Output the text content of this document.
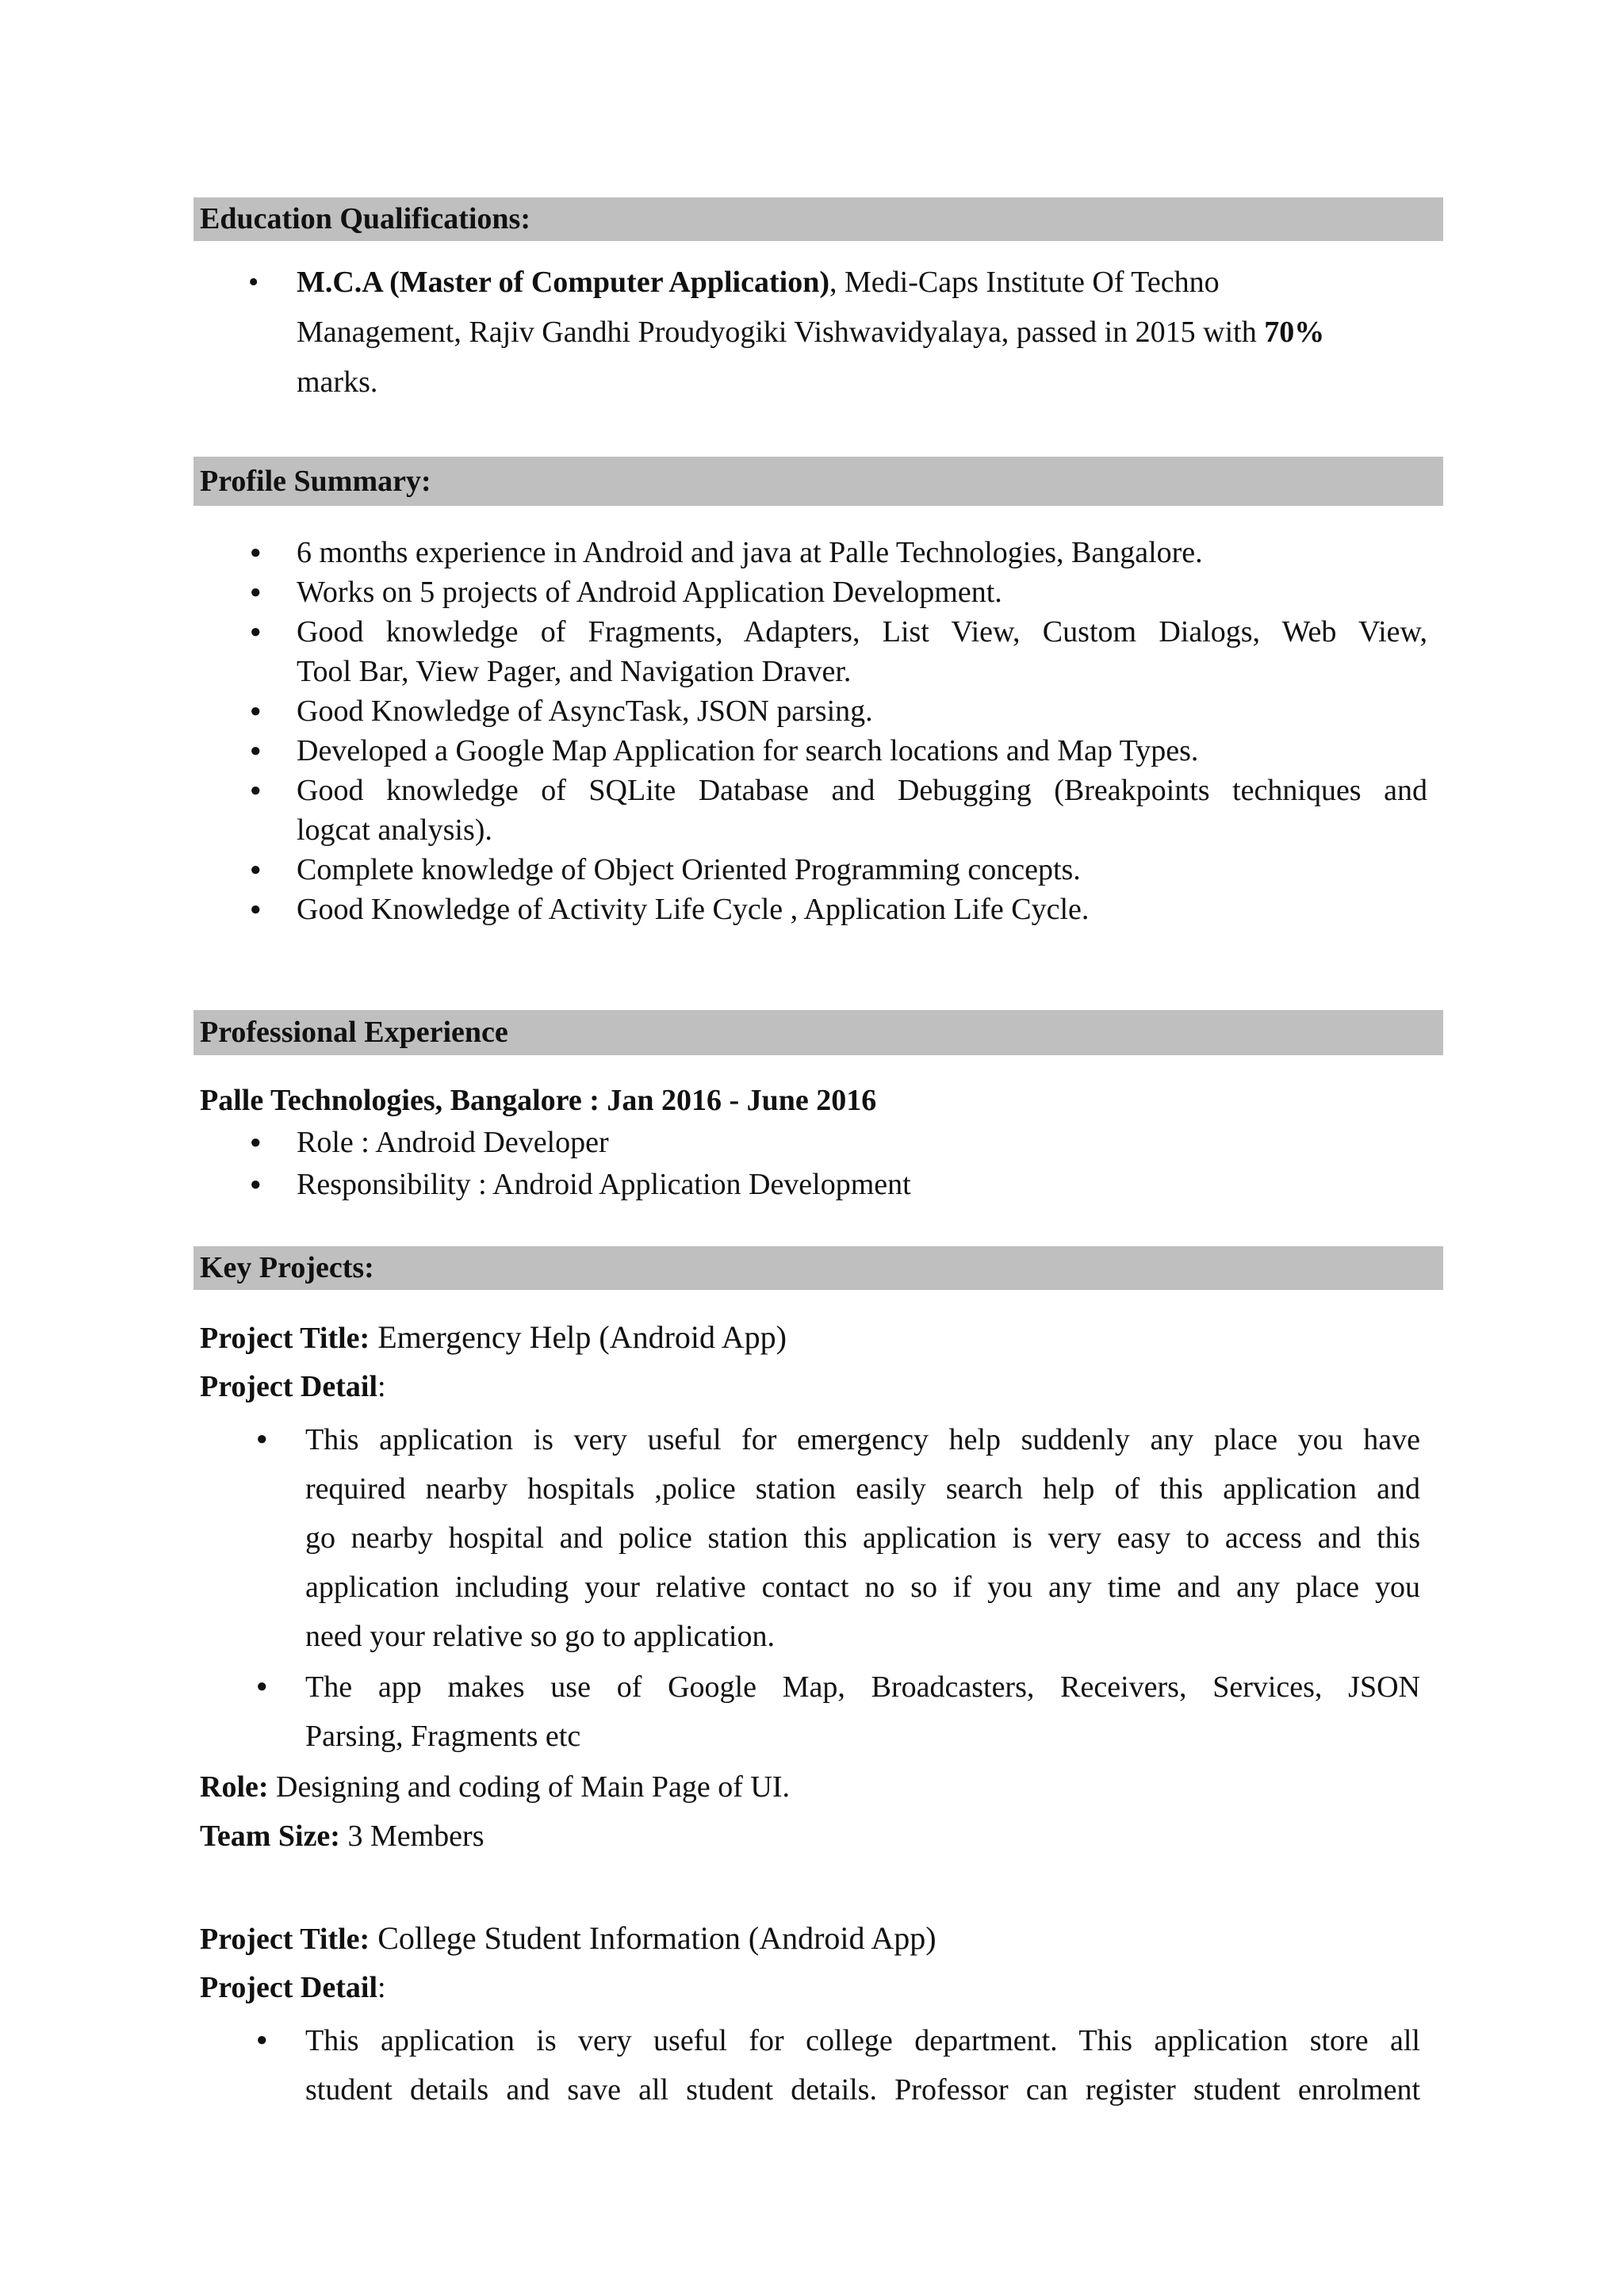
Education Qualifications:
• M.C.A (Master of Computer Application), Medi-Caps Institute Of Techno
Management, Rajiv Gandhi Proudyogiki Vishwavidyalaya, passed in 2015 with 70%
marks.
Profile Summary:
● 6 months experience in Android and java at Palle Technologies, Bangalore.
● Works on 5 projects of Android Application Development.
● Good knowledge of Fragments, Adapters, List View, Custom Dialogs, Web View,
Tool Bar, View Pager, and Navigation Draver.
● Good Knowledge of AsyncTask, JSON parsing.
● Developed a Google Map Application for search locations and Map Types.
● Good knowledge of SQLite Database and Debugging (Breakpoints techniques and
logcat analysis).
● Complete knowledge of Object Oriented Programming concepts.
● Good Knowledge of Activity Life Cycle , Application Life Cycle.
Professional Experience
Palle Technologies, Bangalore : Jan 2016 - June 2016
● Role : Android Developer
● Responsibility : Android Application Development
Key Projects:
Project Title: Emergency Help (Android App)
Project Detail:
● This application is very useful for emergency help suddenly any place you have
required nearby hospitals ,police station easily search help of this application and
go nearby hospital and police station this application is very easy to access and this
application including your relative contact no so if you any time and any place you
need your relative so go to application.
● The app makes use of Google Map, Broadcasters, Receivers, Services, JSON
Parsing, Fragments etc
Role: Designing and coding of Main Page of UI.
Team Size: 3 Members
Project Title: College Student Information (Android App)
Project Detail:
● This application is very useful for college department. This application store all
student details and save all student details. Professor can register student enrolment
